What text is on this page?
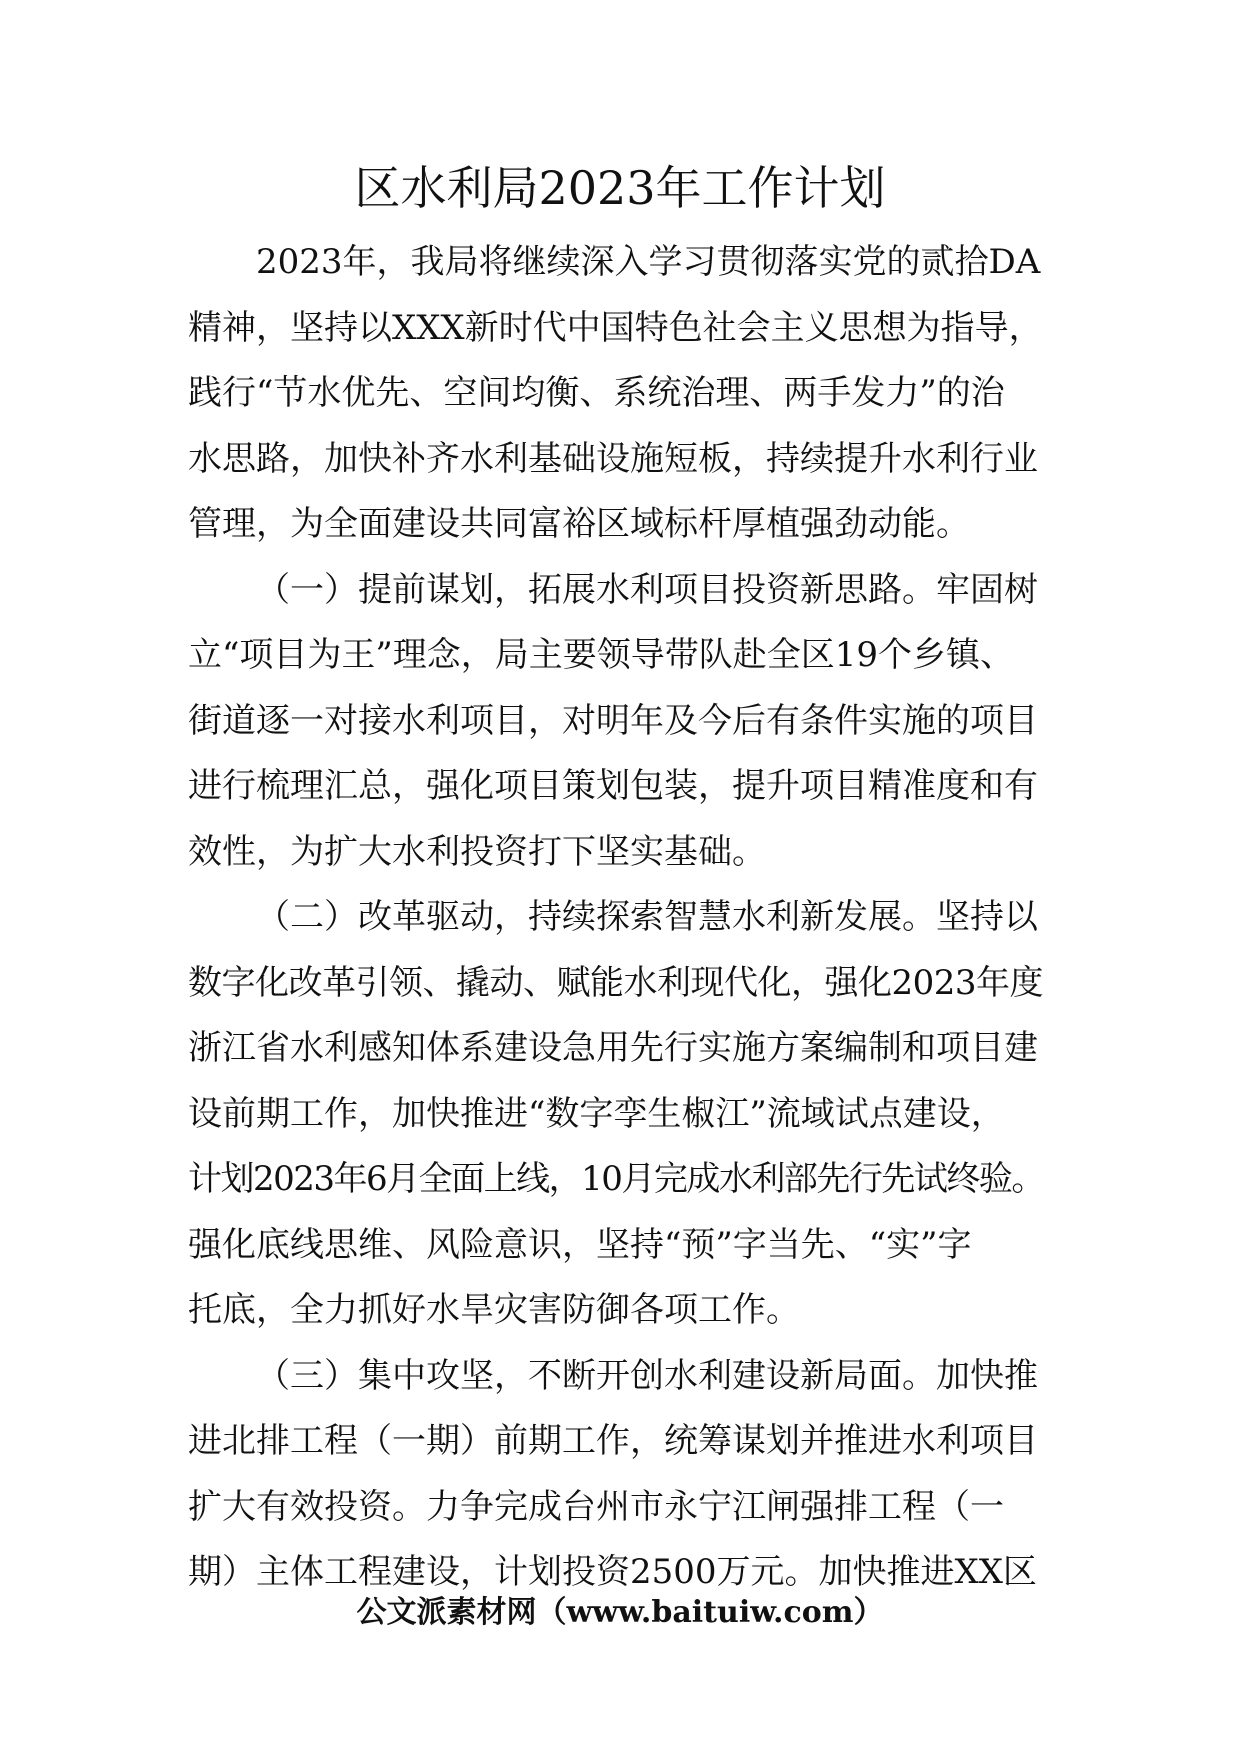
区水利局2023年工作计划

2023年，我局将继续深入学习贯彻落实党的贰拾DA
精神，坚持以XXX新时代中国特色社会主义思想为指导，
践行“节水优先、空间均衡、系统治理、两手发力”的治
水思路，加快补齐水利基础设施短板，持续提升水利行业
管理，为全面建设共同富裕区域标杆厚植强劲动能。

（一）提前谋划，拓展水利项目投资新思路。牢固树
立“项目为王”理念，局主要领导带队赴全区19个乡镇、
街道逐一对接水利项目，对明年及今后有条件实施的项目
进行梳理汇总，强化项目策划包装，提升项目精准度和有
效性，为扩大水利投资打下坚实基础。

（二）改革驱动，持续探索智慧水利新发展。坚持以
数字化改革引领、撬动、赋能水利现代化，强化2023年度
浙江省水利感知体系建设急用先行实施方案编制和项目建
设前期工作，加快推进“数字孪生椒江”流域试点建设，
计划2023年6月全面上线，10月完成水利部先行先试终验。
强化底线思维、风险意识，坚持“预”字当先、“实”字
托底，全力抓好水旱灾害防御各项工作。

（三）集中攻坚，不断开创水利建设新局面。加快推
进北排工程（一期）前期工作，统筹谋划并推进水利项目
扩大有效投资。力争完成台州市永宁江闸强排工程（一
期）主体工程建设，计划投资2500万元。加快推进XX区

公文派素材网（www.baituiw.com）
